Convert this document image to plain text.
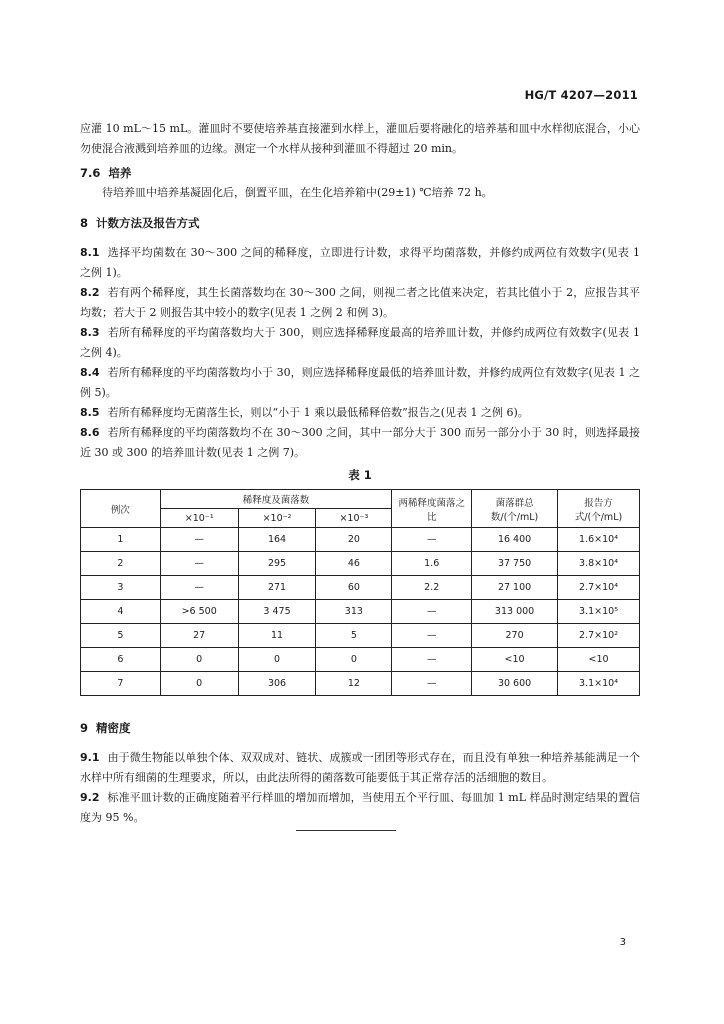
HG/T 4207—2011

应灌 10 mL～15 mL。灌皿时不要使培养基直接灌到水样上，灌皿后要将融化的培养基和皿中水样彻底混合，小心勿使混合液溅到培养皿的边缘。测定一个水样从接种到灌皿不得超过 20 min。

7.6 培养

待培养皿中培养基凝固化后，倒置平皿，在生化培养箱中(29±1) ℃培养 72 h。

8 计数方法及报告方式

8.1 选择平均菌数在 30～300 之间的稀释度，立即进行计数，求得平均菌落数，并修约成两位有效数字(见表 1 之例 1)。

8.2 若有两个稀释度，其生长菌落数均在 30～300 之间，则视二者之比值来决定，若其比值小于 2，应报告其平均数；若大于 2 则报告其中较小的数字(见表 1 之例 2 和例 3)。

8.3 若所有稀释度的平均菌落数均大于 300，则应选择稀释度最高的培养皿计数，并修约成两位有效数字(见表 1 之例 4)。

8.4 若所有稀释度的平均菌落数均小于 30，则应选择稀释度最低的培养皿计数，并修约成两位有效数字(见表 1 之例 5)。

8.5 若所有稀释度均无菌落生长，则以“小于 1 乘以最低稀释倍数”报告之(见表 1 之例 6)。

8.6 若所有稀释度的平均菌落数均不在 30～300 之间，其中一部分大于 300 而另一部分小于 30 时，则选择最接近 30 或 300 的培养皿计数(见表 1 之例 7)。

表 1
例次	稀释度及菌落数			两稀释度菌落之比	菌落群总数/(个/mL)	报告方式/(个/mL)
	×10⁻¹	×10⁻²	×10⁻³			
1	—	164	20	—	16 400	1.6×10⁴
2	—	295	46	1.6	37 750	3.8×10⁴
3	—	271	60	2.2	27 100	2.7×10⁴
4	>6 500	3 475	313	—	313 000	3.1×10⁵
5	27	11	5	—	270	2.7×10²
6	0	0	0	—	<10	<10
7	0	306	12	—	30 600	3.1×10⁴

9 精密度

9.1 由于微生物能以单独个体、双双成对、链状、成簇或一团团等形式存在，而且没有单独一种培养基能满足一个水样中所有细菌的生理要求，所以，由此法所得的菌落数可能要低于其正常存活的活细胞的数目。

9.2 标准平皿计数的正确度随着平行样皿的增加而增加，当使用五个平行皿、每皿加 1 mL 样品时测定结果的置信度为 95 %。

3
